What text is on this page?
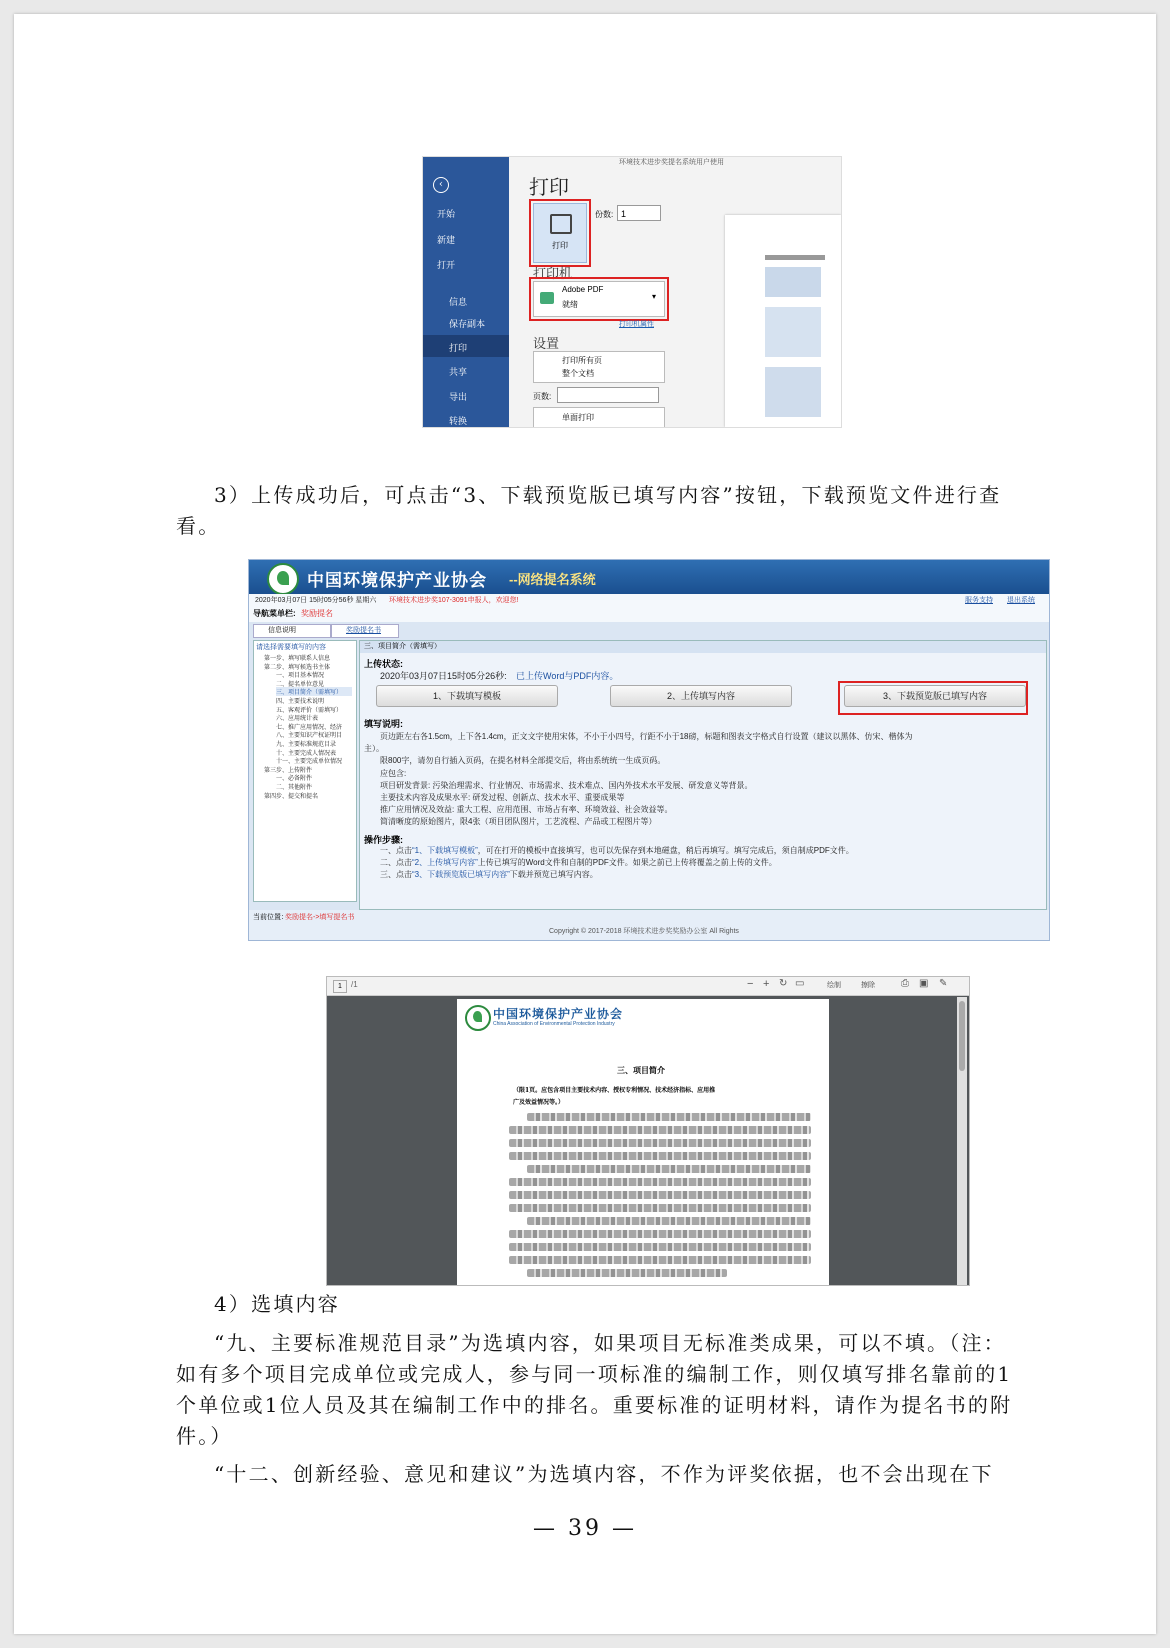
‹
开始
新建
打开
信息
保存副本
打印
共享
导出
转换
环境技术进步奖提名系统用户使用
打印
打印
份数: 1
打印机
Adobe PDF
就绪
▾
打印机属性
设置
打印所有页
整个文档
页数:
单面打印
3）上传成功后，可点击“3、下载预览版已填写内容”按钮，下载预览文件进行查
看。
中国环境保护产业协会 --网络提名系统
2020年03月07日 15时05分56秒 星期六 环境技术进步奖107-3091申报人，欢迎您!	服务支持 退出系统
导航菜单栏: 奖励提名
信息说明	奖励提名书
请选择需要填写的内容
第一步、填写联系人信息
第二步、填写候选书主体
一、项目基本情况
二、提名单位意见
三、项目简介（需填写）
四、主要技术说明
五、客观评价（需填写）
六、应用统计表
七、推广应用情况、经济
八、主要知识产权证明目
九、主要标准规范目录
十、主要完成人情况表
十一、主要完成单位情况
第三步、上传附件
一、必备附件
二、其他附件
第四步、提交和提名
三、项目简介（需填写）
上传状态:
2020年03月07日15时05分26秒: 已上传Word与PDF内容。
1、下载填写模板	2、上传填写内容	3、下载预览版已填写内容
填写说明:
页边距左右各1.5cm，上下各1.4cm，正文文字使用宋体，不小于小四号，行距不小于18磅，标题和图表文字格式自行设置（建议以黑体、仿宋、楷体为
主）。
限800字，请勿自行插入页码，在提名材料全部提交后，将由系统统一生成页码。
应包含:
项目研发背景: 污染治理需求、行业情况、市场需求、技术难点、国内外技术水平发展、研发意义等背景。
主要技术内容及成果水平: 研发过程、创新点、技术水平、重要成果等
推广应用情况及效益: 重大工程、应用范围、市场占有率、环境效益、社会效益等。
简清晰度的原始图片，限4张（项目团队图片，工艺流程、产品或工程图片等）
操作步骤:
一、点击“1、下载填写模板”，可在打开的模板中直接填写，也可以先保存到本地磁盘，稍后再填写。填写完成后，须自制成PDF文件。
二、点击“2、上传填写内容”上传已填写的Word文件和自制的PDF文件。如果之前已上传将覆盖之前上传的文件。
三、点击“3、下载预览版已填写内容”下载并预览已填写内容。
当前位置：
奖励提名->填写提名书
Copyright © 2017-2018 环境技术进步奖奖励办公室 All Rights
1	/1	− + ↻ ▭	绘制	擦除	⎙ ▣ ✎
中国环境保护产业协会
China Association of Environmental Protection Industry
三、项目简介
（限1页。应包含项目主要技术内容、授权专利情况、技术经济指标、应用推
广及效益情况等。）
4）选填内容
“九、主要标准规范目录”为选填内容，如果项目无标准类成果，可以不填。（注：
如有多个项目完成单位或完成人，参与同一项标准的编制工作，则仅填写排名靠前的1
个单位或1位人员及其在编制工作中的排名。重要标准的证明材料，请作为提名书的附
件。）
“十二、创新经验、意见和建议”为选填内容，不作为评奖依据，也不会出现在下
— 39 —
